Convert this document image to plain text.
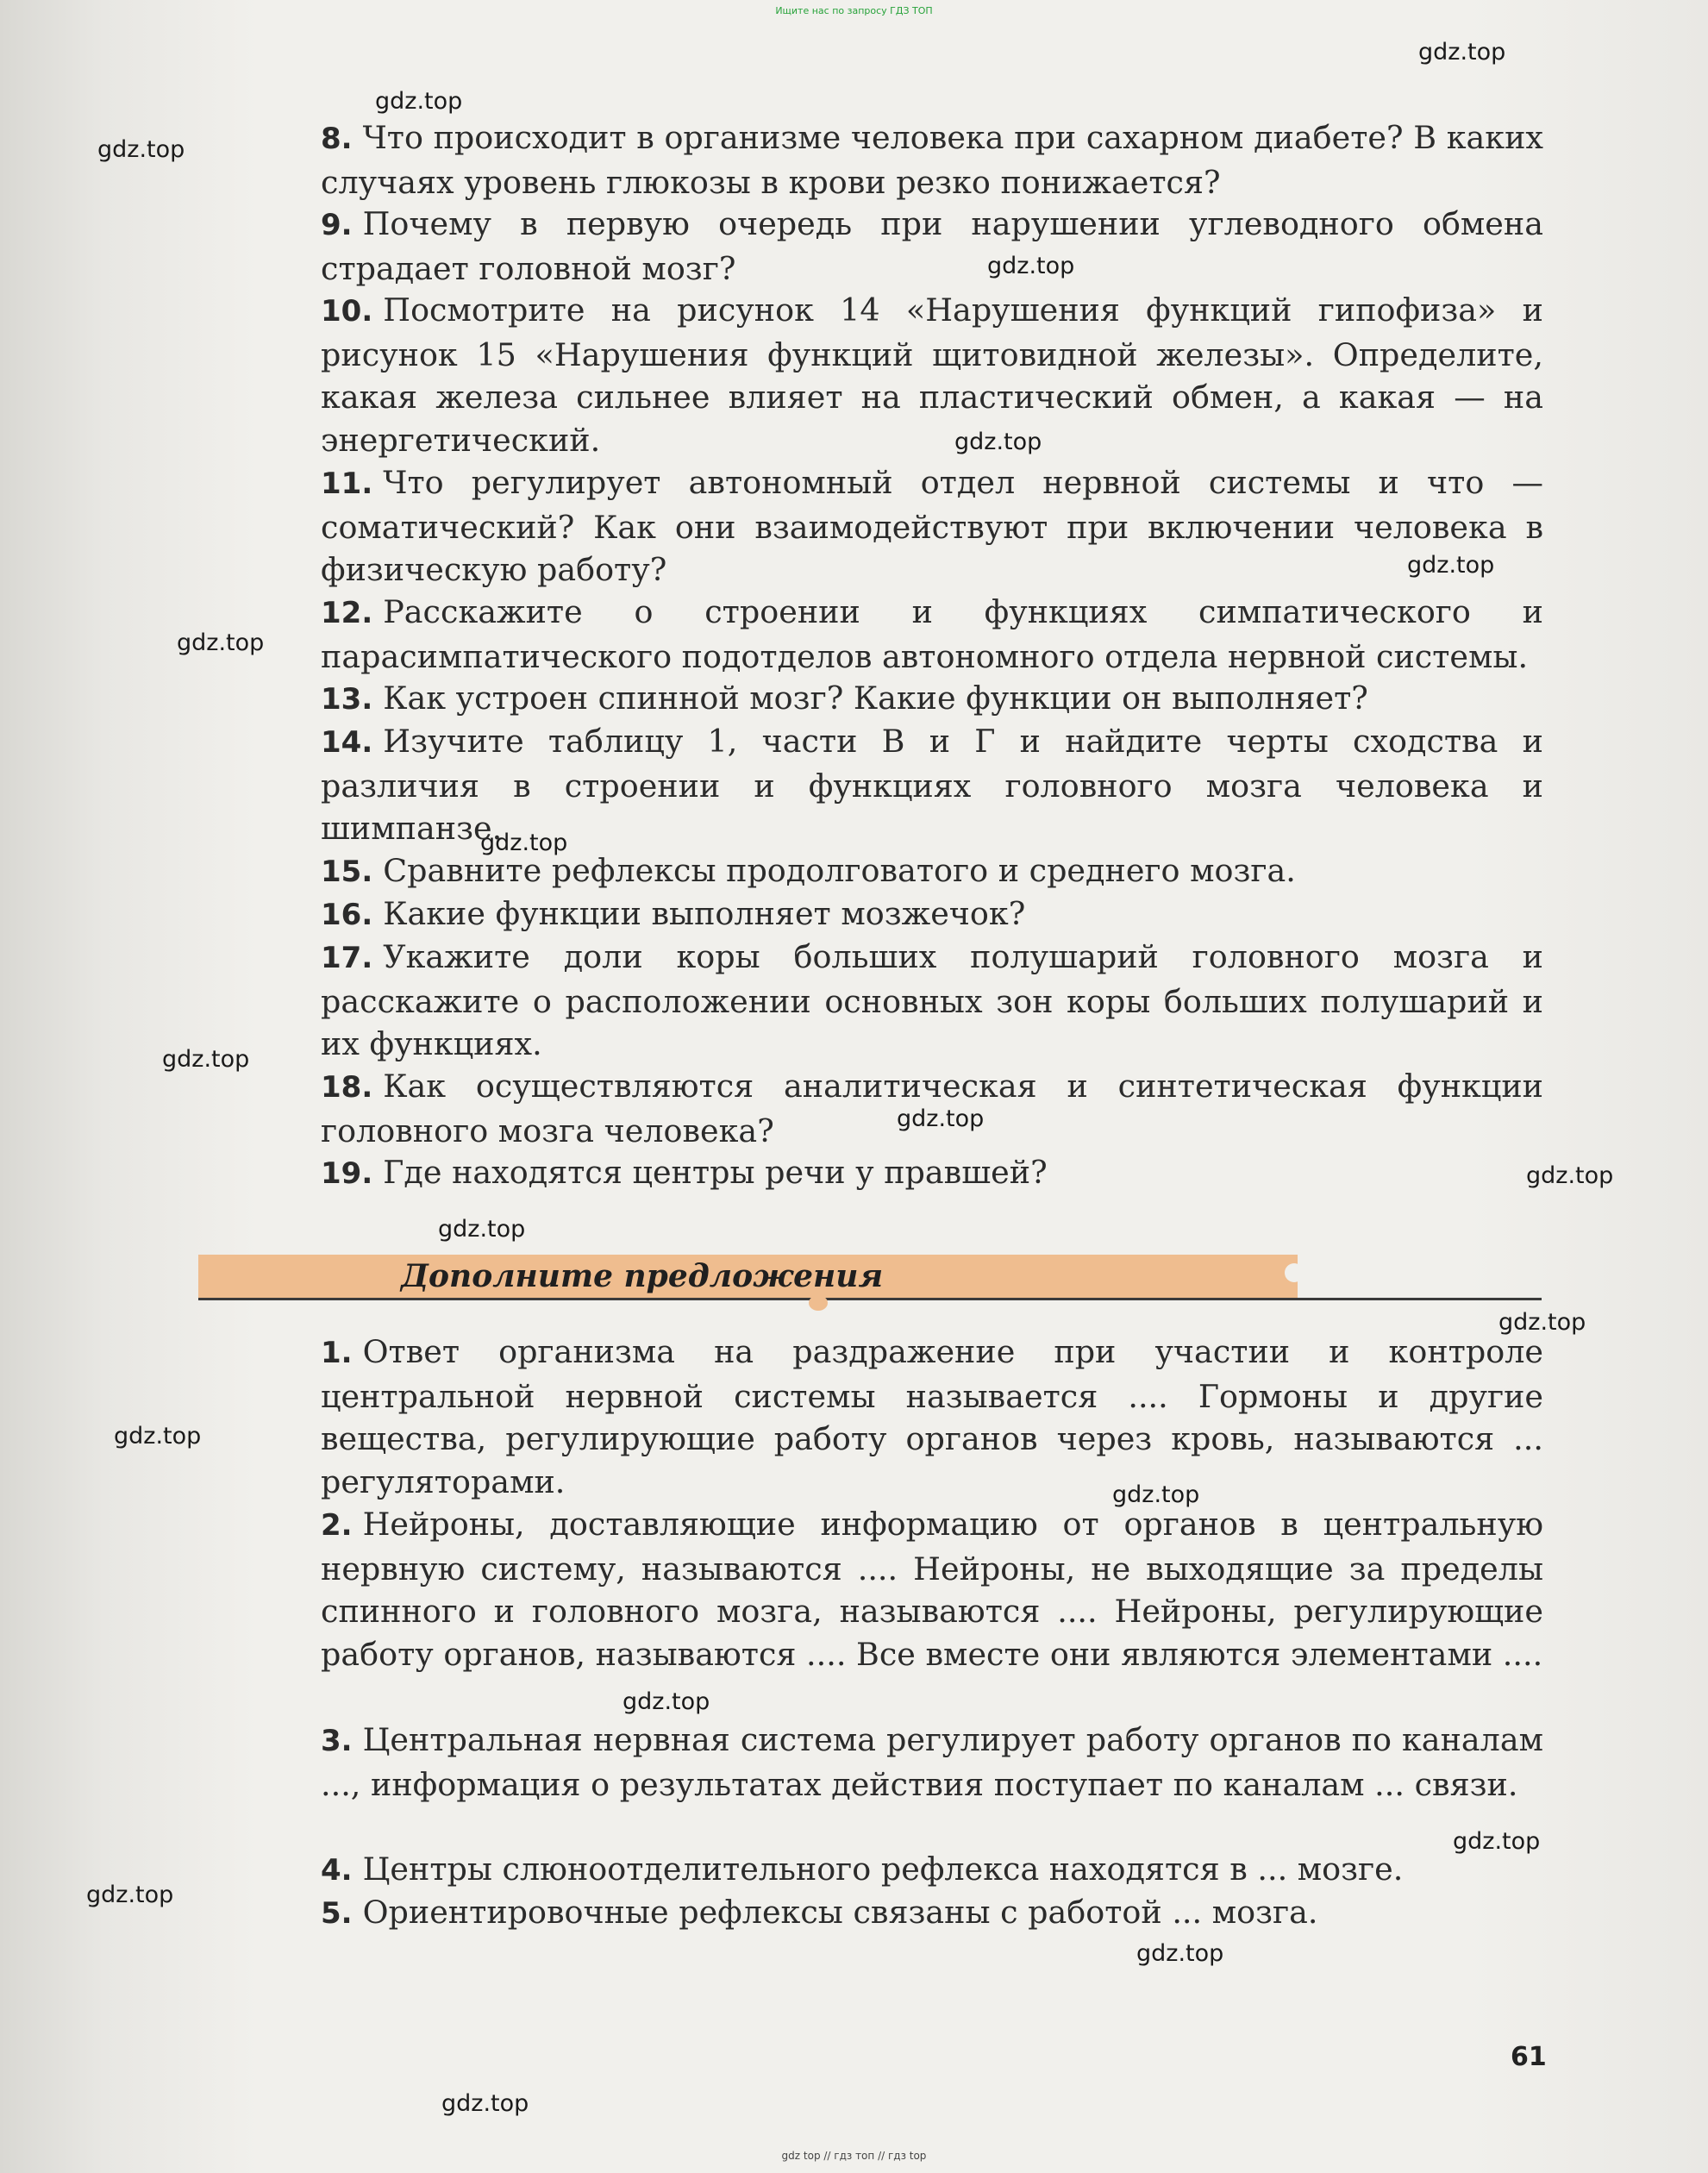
Ищите нас по запросу ГДЗ ТОП
gdz.top
gdz.top
gdz.top
gdz.top
gdz.top
gdz.top
gdz.top
gdz.top
gdz.top
gdz.top
gdz.top
gdz.top
gdz.top
gdz.top
gdz.top
gdz.top
gdz.top
gdz.top
gdz.top
gdz.top
8. Что происходит в организме человека при сахарном диабете? В каких случаях уровень глюкозы в крови резко понижается?
9. Почему в первую очередь при нарушении углеводного обмена страдает головной мозг?
10. Посмотрите на рисунок 14 «Нарушения функций гипофиза» и рисунок 15 «Нарушения функций щитовидной железы». Определите, какая железа сильнее влияет на пластический обмен, а какая — на энергетический.
11. Что регулирует автономный отдел нервной системы и что — соматический? Как они взаимодействуют при включении человека в физическую работу?
12. Расскажите о строении и функциях симпатического и парасимпатического подотделов автономного отдела нервной системы.
13. Как устроен спинной мозг? Какие функции он выполняет?
14. Изучите таблицу 1, части В и Г и найдите черты сходства и различия в строении и функциях головного мозга человека и шимпанзе.
15. Сравните рефлексы продолговатого и среднего мозга.
16. Какие функции выполняет мозжечок?
17. Укажите доли коры больших полушарий головного мозга и расскажите о расположении основных зон коры больших полушарий и их функциях.
18. Как осуществляются аналитическая и синтетическая функции головного мозга человека?
19. Где находятся центры речи у правшей?
Дополните предложения
1. Ответ организма на раздражение при участии и контроле центральной нервной системы называется .... Гормоны и другие вещества, регулирующие работу органов через кровь, называются ... регуляторами.
2. Нейроны, доставляющие информацию от органов в центральную нервную систему, называются .... Нейроны, не выходящие за пределы спинного и головного мозга, называются .... Нейроны, регулирующие работу органов, называются .... Все вместе они являются элементами ....
3. Центральная нервная система регулирует работу органов по каналам ..., информация о результатах действия поступает по каналам ... связи.
4. Центры слюноотделительного рефлекса находятся в ... мозге.
5. Ориентировочные рефлексы связаны с работой ... мозга.
61
gdz top // гдз топ // гдз top
